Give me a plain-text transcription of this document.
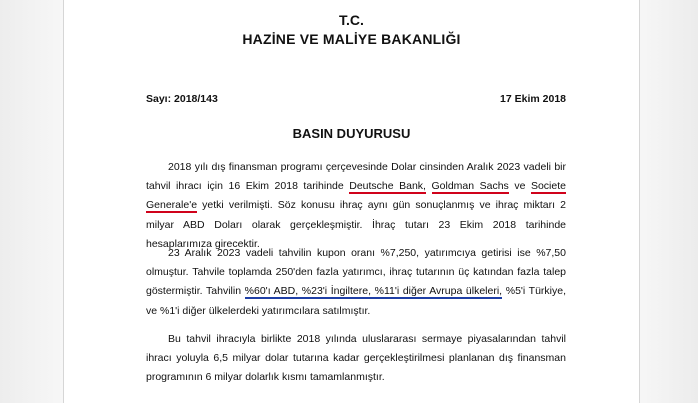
T.C.
HAZİNE VE MALİYE BAKANLIĞI
Sayı: 2018/143	17 Ekim 2018
BASIN DUYURUSU
2018 yılı dış finansman programı çerçevesinde Dolar cinsinden Aralık 2023 vadeli bir tahvil ihracı için 16 Ekim 2018 tarihinde Deutsche Bank, Goldman Sachs ve Societe Generale'e yetki verilmişti. Söz konusu ihraç aynı gün sonuçlanmış ve ihraç miktarı 2 milyar ABD Doları olarak gerçekleşmiştir. İhraç tutarı 23 Ekim 2018 tarihinde hesaplarımıza girecektir.
23 Aralık 2023 vadeli tahvilin kupon oranı %7,250, yatırımcıya getirisi ise %7,50 olmuştur. Tahvile toplamda 250'den fazla yatırımcı, ihraç tutarının üç katından fazla talep göstermiştir. Tahvilin %60'ı ABD, %23'i İngiltere, %11'i diğer Avrupa ülkeleri, %5'i Türkiye, ve %1'i diğer ülkelerdeki yatırımcılara satılmıştır.
Bu tahvil ihracıyla birlikte 2018 yılında uluslararası sermaye piyasalarından tahvil ihracı yoluyla 6,5 milyar dolar tutarına kadar gerçekleştirilmesi planlanan dış finansman programının 6 milyar dolarlık kısmı tamamlanmıştır.
